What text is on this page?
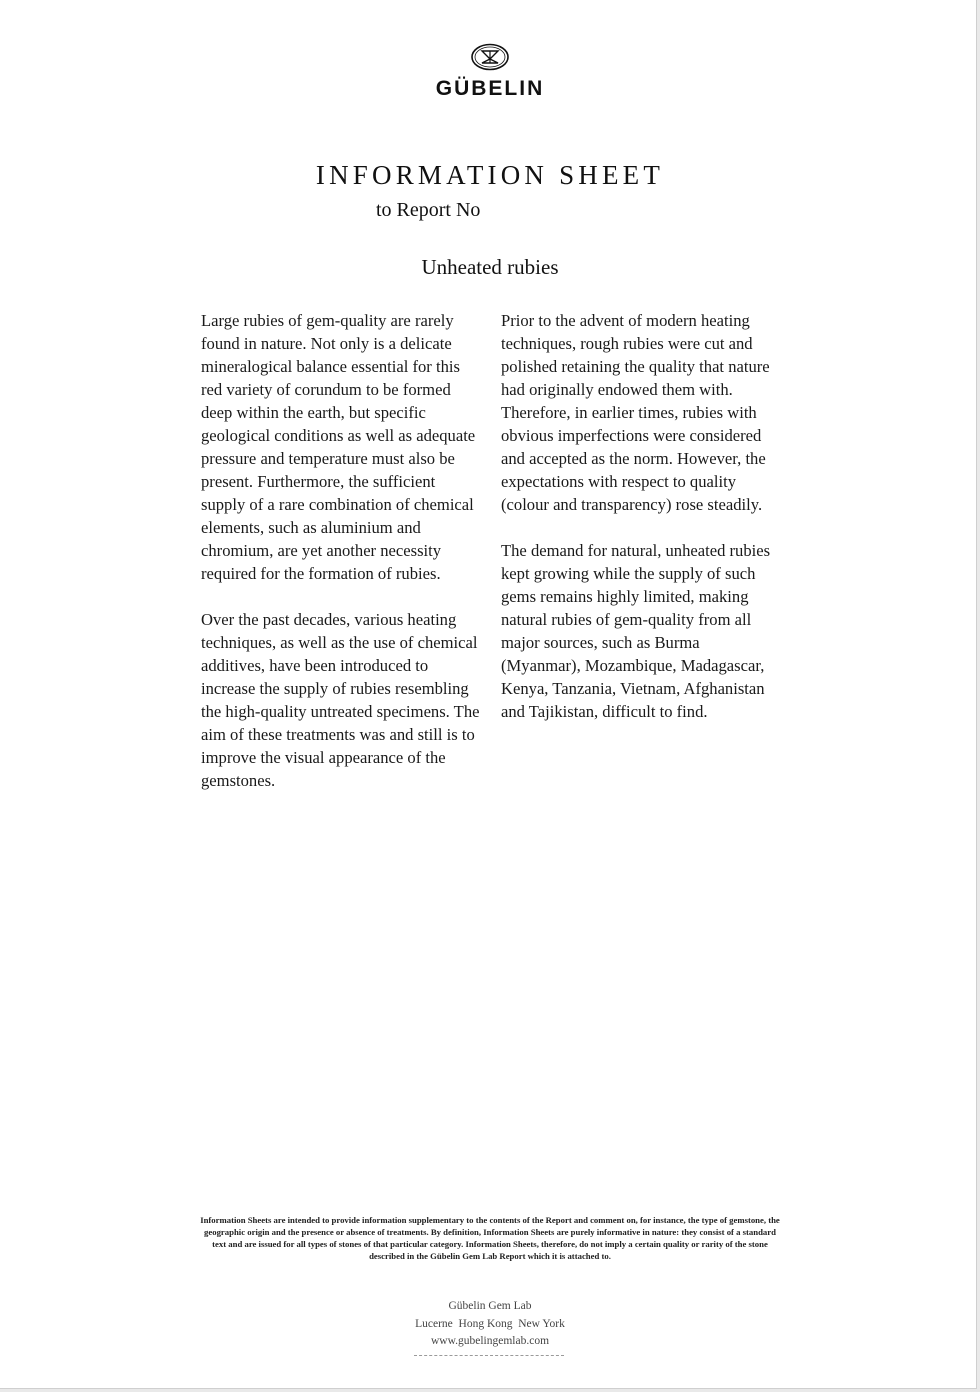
GÜBELIN
INFORMATION SHEET
to Report No
Unheated rubies

Large rubies of gem-quality are rarely found in nature. Not only is a delicate mineralogical balance essential for this red variety of corundum to be formed deep within the earth, but specific geological conditions as well as adequate pressure and temperature must also be present. Furthermore, the sufficient supply of a rare combination of chemical elements, such as aluminium and chromium, are yet another necessity required for the formation of rubies.

Over the past decades, various heating techniques, as well as the use of chemical additives, have been introduced to increase the supply of rubies resembling the high-quality untreated specimens. The aim of these treatments was and still is to improve the visual appearance of the gemstones.

Prior to the advent of modern heating techniques, rough rubies were cut and polished retaining the quality that nature had originally endowed them with. Therefore, in earlier times, rubies with obvious imperfections were considered and accepted as the norm. However, the expectations with respect to quality (colour and transparency) rose steadily.

The demand for natural, unheated rubies kept growing while the supply of such gems remains highly limited, making natural rubies of gem-quality from all major sources, such as Burma (Myanmar), Mozambique, Madagascar, Kenya, Tanzania, Vietnam, Afghanistan and Tajikistan, difficult to find.

Information Sheets are intended to provide information supplementary to the contents of the Report and comment on, for instance, the type of gemstone, the geographic origin and the presence or absence of treatments. By definition, Information Sheets are purely informative in nature: they consist of a standard text and are issued for all types of stones of that particular category. Information Sheets, therefore, do not imply a certain quality or rarity of the stone described in the Gübelin Gem Lab Report which it is attached to.
Gübelin Gem Lab
Lucerne  Hong Kong  New York
www.gubelingemlab.com
